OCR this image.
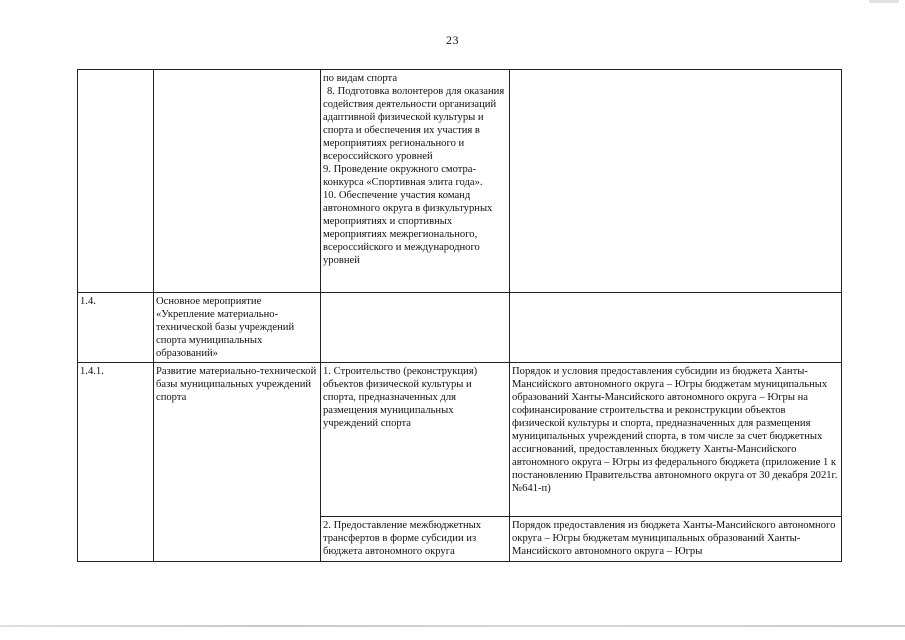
23

		по видам спорта
8. Подготовка волонтеров для оказания содействия деятельности организаций адаптивной физической культуры и спорта и обеспечения их участия в мероприятиях регионального и всероссийского уровней
9. Проведение окружного смотра-конкурса «Спортивная элита года».
10. Обеспечение участия команд автономного округа в физкультурных мероприятиях и спортивных мероприятиях межрегионального, всероссийского и международного уровней	

1.4.	Основное мероприятие «Укрепление материально-технической базы учреждений спорта муниципальных образований»		
1.4.1.	Развитие материально-технической базы муниципальных учреждений спорта	1. Строительство (реконструкция) объектов физической культуры и спорта, предназначенных для размещения муниципальных учреждений спорта	Порядок и условия предоставления субсидии из бюджета Ханты-Мансийского автономного округа – Югры бюджетам муниципальных образований Ханты-Мансийского автономного округа – Югры на софинансирование строительства и реконструкции объектов физической культуры и спорта, предназначенных для размещения муниципальных учреждений спорта, в том числе за счет бюджетных ассигнований, предоставленных бюджету Ханты-Мансийского автономного округа – Югры из федерального бюджета (приложение 1 к постановлению Правительства автономного округа от 30 декабря 2021г. №641-п)

		2. Предоставление межбюджетных трансфертов в форме субсидии из бюджета автономного округа	Порядок предоставления из бюджета Ханты-Мансийского автономного округа – Югры бюджетам муниципальных образований Ханты-Мансийского автономного округа – Югры
